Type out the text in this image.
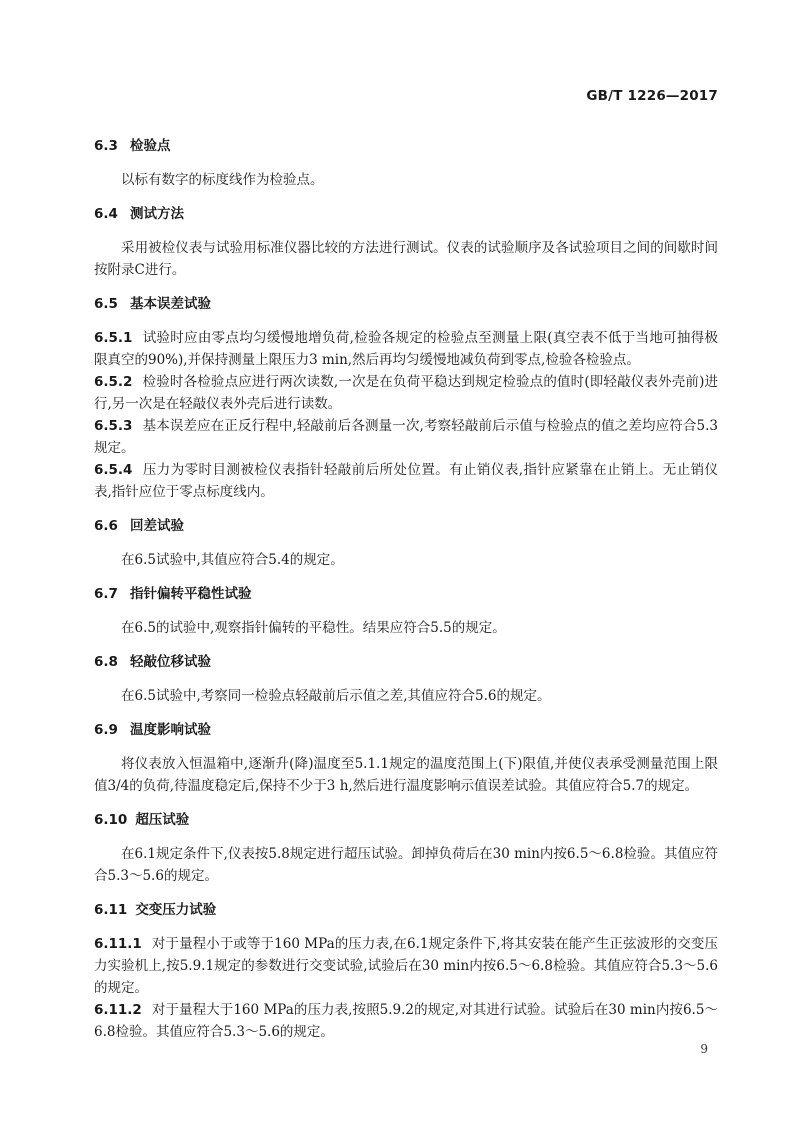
GB/T 1226—2017
6.3 检验点

以标有数字的标度线作为检验点。

6.4 测试方法

采用被检仪表与试验用标准仪器比较的方法进行测试。仪表的试验顺序及各试验项目之间的间歇时间按附录C进行。

6.5 基本误差试验

6.5.1 试验时应由零点均匀缓慢地增负荷,检验各规定的检验点至测量上限(真空表不低于当地可抽得极限真空的90%),并保持测量上限压力3 min,然后再均匀缓慢地减负荷到零点,检验各检验点。

6.5.2 检验时各检验点应进行两次读数,一次是在负荷平稳达到规定检验点的值时(即轻敲仪表外壳前)进行,另一次是在轻敲仪表外壳后进行读数。

6.5.3 基本误差应在正反行程中,轻敲前后各测量一次,考察轻敲前后示值与检验点的值之差均应符合5.3规定。

6.5.4 压力为零时目测被检仪表指针轻敲前后所处位置。有止销仪表,指针应紧靠在止销上。无止销仪表,指针应位于零点标度线内。

6.6 回差试验

在6.5试验中,其值应符合5.4的规定。

6.7 指针偏转平稳性试验

在6.5的试验中,观察指针偏转的平稳性。结果应符合5.5的规定。

6.8 轻敲位移试验

在6.5试验中,考察同一检验点轻敲前后示值之差,其值应符合5.6的规定。

6.9 温度影响试验

将仪表放入恒温箱中,逐渐升(降)温度至5.1.1规定的温度范围上(下)限值,并使仪表承受测量范围上限值3/4的负荷,待温度稳定后,保持不少于3 h,然后进行温度影响示值误差试验。其值应符合5.7的规定。

6.10 超压试验

在6.1规定条件下,仪表按5.8规定进行超压试验。卸掉负荷后在30 min内按6.5～6.8检验。其值应符合5.3～5.6的规定。

6.11 交变压力试验

6.11.1 对于量程小于或等于160 MPa的压力表,在6.1规定条件下,将其安装在能产生正弦波形的交变压力实验机上,按5.9.1规定的参数进行交变试验,试验后在30 min内按6.5～6.8检验。其值应符合5.3～5.6的规定。

6.11.2 对于量程大于160 MPa的压力表,按照5.9.2的规定,对其进行试验。试验后在30 min内按6.5～6.8检验。其值应符合5.3～5.6的规定。

9
